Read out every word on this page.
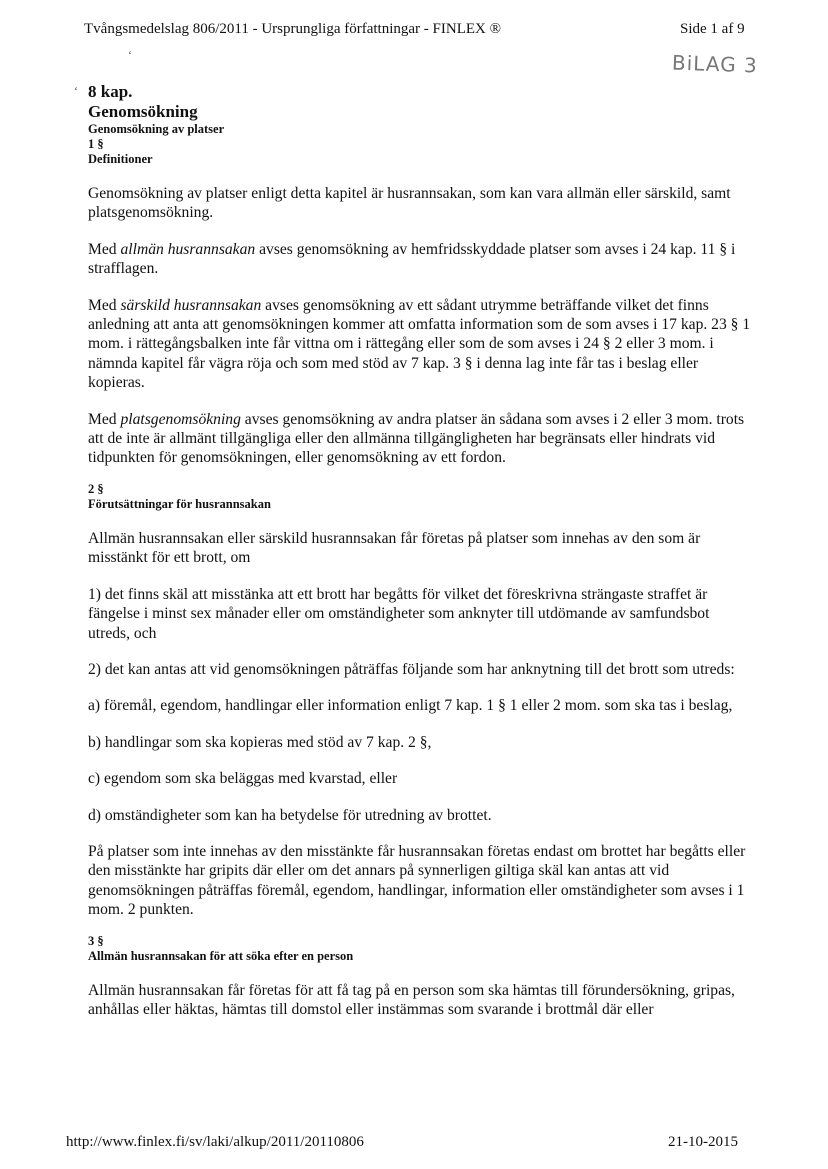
Tvångsmedelslag 806/2011 - Ursprungliga författningar - FINLEX ®	Side 1 af 9
BiLAG 3
‘
‘ 8 kap.

Genomsökning

Genomsökning av platser

1 §

Definitioner

Genomsökning av platser enligt detta kapitel är husrannsakan, som kan vara allmän eller särskild, samt platsgenomsökning.

Med allmän husrannsakan avses genomsökning av hemfridsskyddade platser som avses i 24 kap. 11 § i strafflagen.

Med särskild husrannsakan avses genomsökning av ett sådant utrymme beträffande vilket det finns anledning att anta att genomsökningen kommer att omfatta information som de som avses i 17 kap. 23 § 1 mom. i rättegångsbalken inte får vittna om i rättegång eller som de som avses i 24 § 2 eller 3 mom. i nämnda kapitel får vägra röja och som med stöd av 7 kap. 3 § i denna lag inte får tas i beslag eller kopieras.

Med platsgenomsökning avses genomsökning av andra platser än sådana som avses i 2 eller 3 mom. trots att de inte är allmänt tillgängliga eller den allmänna tillgängligheten har begränsats eller hindrats vid tidpunkten för genomsökningen, eller genomsökning av ett fordon.

2 §

Förutsättningar för husrannsakan

Allmän husrannsakan eller särskild husrannsakan får företas på platser som innehas av den som är misstänkt för ett brott, om

1) det finns skäl att misstänka att ett brott har begåtts för vilket det föreskrivna strängaste straffet är fängelse i minst sex månader eller om omständigheter som anknyter till utdömande av samfundsbot utreds, och

2) det kan antas att vid genomsökningen påträffas följande som har anknytning till det brott som utreds:

a) föremål, egendom, handlingar eller information enligt 7 kap. 1 § 1 eller 2 mom. som ska tas i beslag,

b) handlingar som ska kopieras med stöd av 7 kap. 2 §,

c) egendom som ska beläggas med kvarstad, eller

d) omständigheter som kan ha betydelse för utredning av brottet.

På platser som inte innehas av den misstänkte får husrannsakan företas endast om brottet har begåtts eller den misstänkte har gripits där eller om det annars på synnerligen giltiga skäl kan antas att vid genomsökningen påträffas föremål, egendom, handlingar, information eller omständigheter som avses i 1 mom. 2 punkten.

3 §

Allmän husrannsakan för att söka efter en person

Allmän husrannsakan får företas för att få tag på en person som ska hämtas till förundersökning, gripas, anhållas eller häktas, hämtas till domstol eller instämmas som svarande i brottmål där eller

http://www.finlex.fi/sv/laki/alkup/2011/20110806	21-10-2015
